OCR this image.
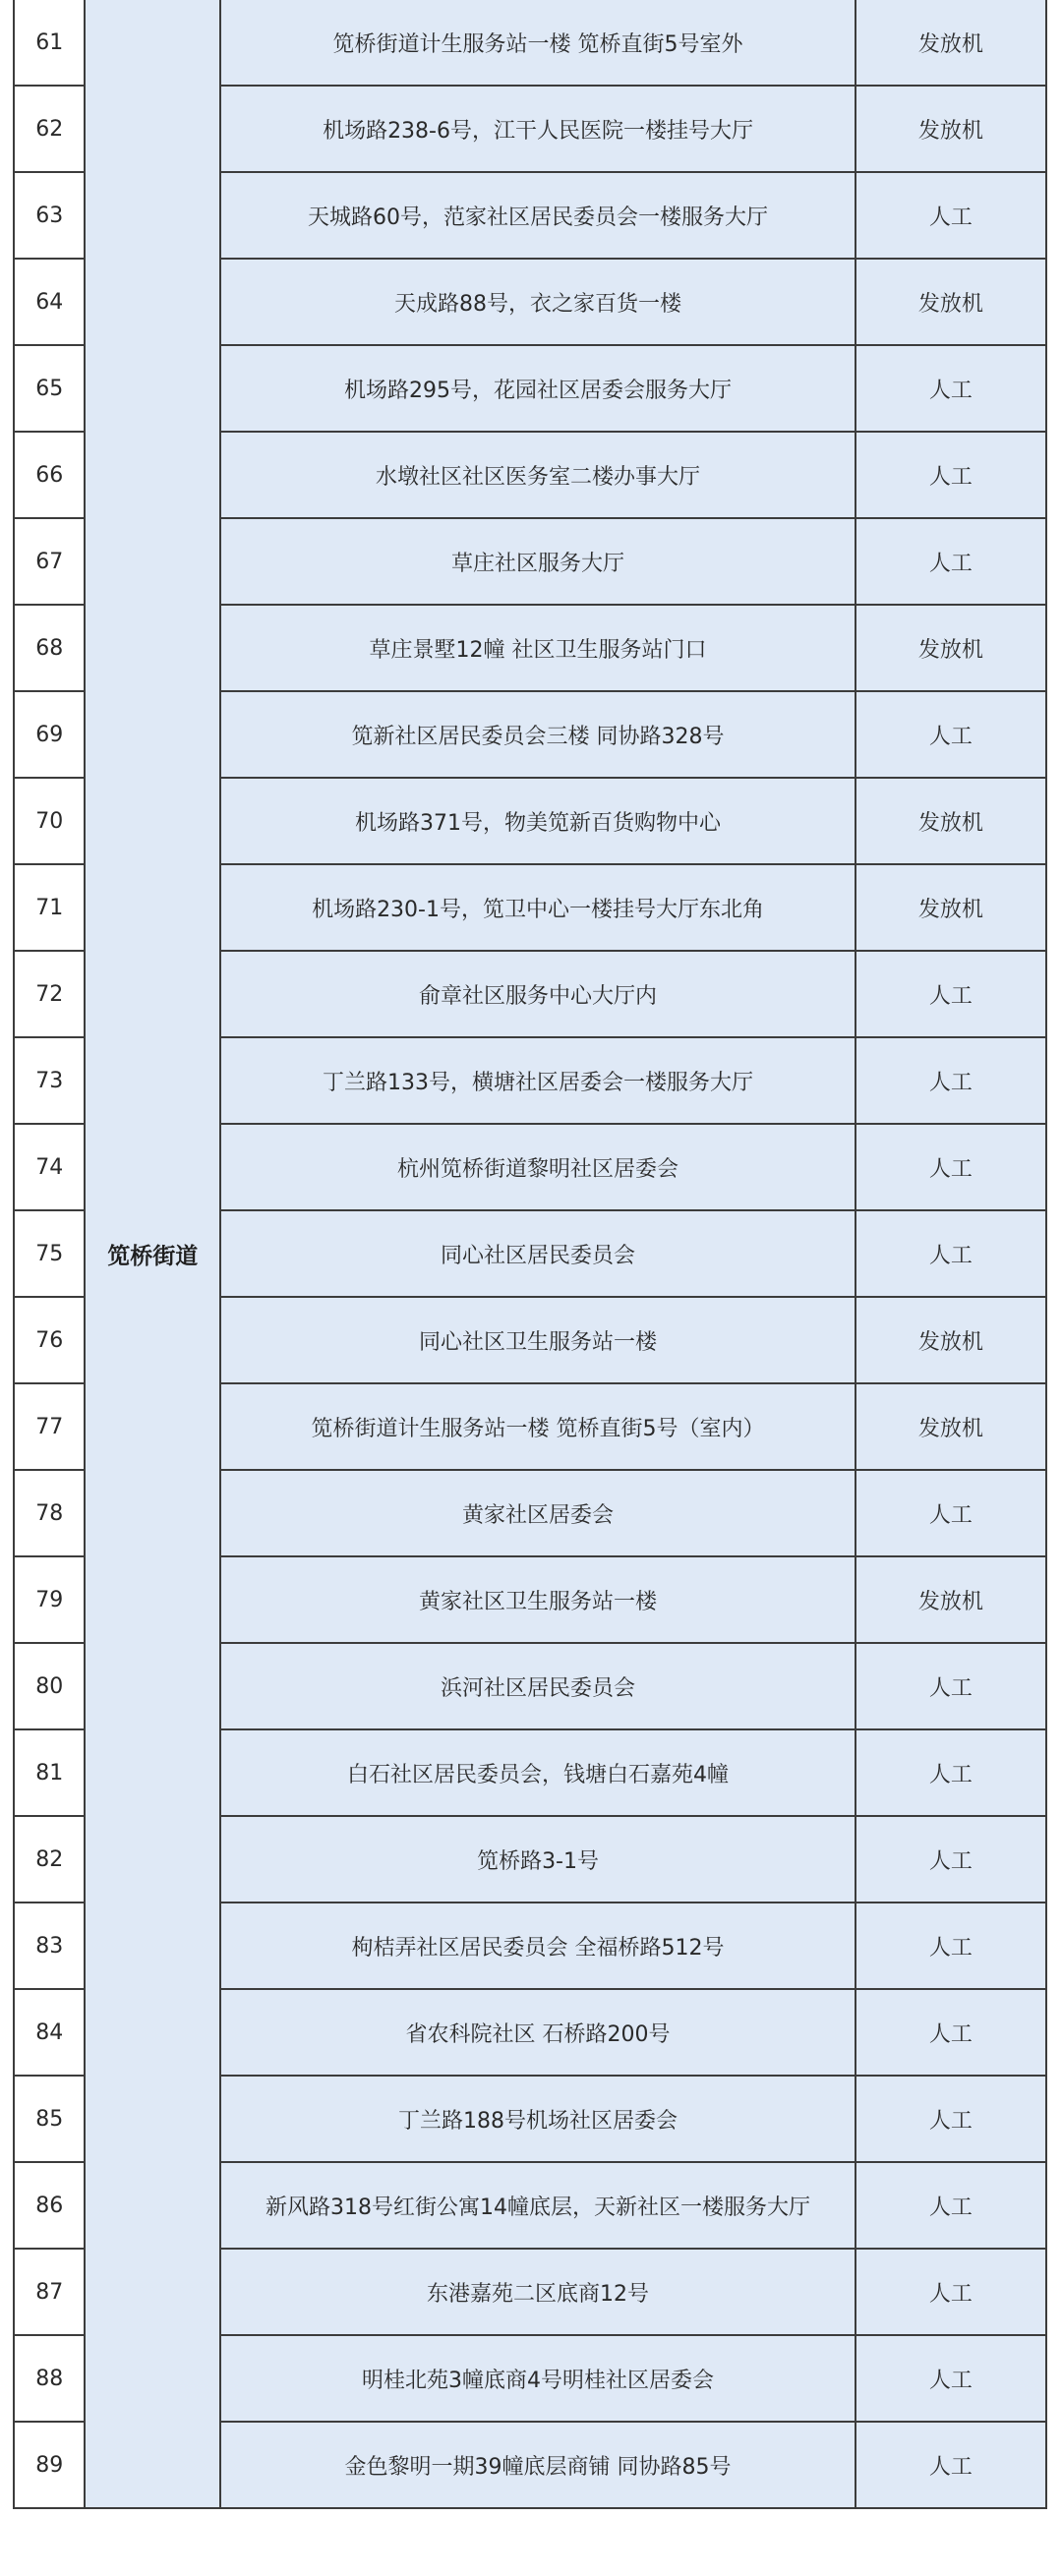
61	笕桥街道	笕桥街道计生服务站一楼 笕桥直街5号室外	发放机
62		机场路238-6号，江干人民医院一楼挂号大厅	发放机
63		天城路60号，范家社区居民委员会一楼服务大厅	人工
64		天成路88号，衣之家百货一楼	发放机
65		机场路295号，花园社区居委会服务大厅	人工
66		水墩社区社区医务室二楼办事大厅	人工
67		草庄社区服务大厅	人工
68		草庄景墅12幢 社区卫生服务站门口	发放机
69		笕新社区居民委员会三楼 同协路328号	人工
70		机场路371号，物美笕新百货购物中心	发放机
71		机场路230-1号，笕卫中心一楼挂号大厅东北角	发放机
72		俞章社区服务中心大厅内	人工
73		丁兰路133号，横塘社区居委会一楼服务大厅	人工
74		杭州笕桥街道黎明社区居委会	人工
75		同心社区居民委员会	人工
76		同心社区卫生服务站一楼	发放机
77		笕桥街道计生服务站一楼 笕桥直街5号（室内）	发放机
78		黄家社区居委会	人工
79		黄家社区卫生服务站一楼	发放机
80		浜河社区居民委员会	人工
81		白石社区居民委员会，钱塘白石嘉苑4幢	人工
82		笕桥路3-1号	人工
83		枸桔弄社区居民委员会 全福桥路512号	人工
84		省农科院社区 石桥路200号	人工
85		丁兰路188号机场社区居委会	人工
86		新风路318号红街公寓14幢底层，天新社区一楼服务大厅	人工
87		东港嘉苑二区底商12号	人工
88		明桂北苑3幢底商4号明桂社区居委会	人工
89		金色黎明一期39幢底层商铺 同协路85号	人工
